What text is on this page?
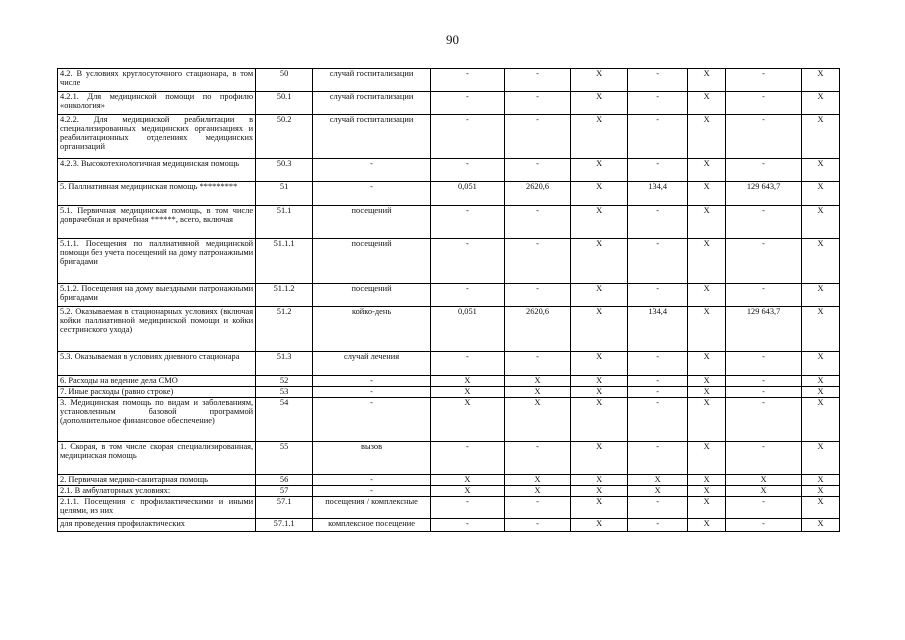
90
4.2. В условиях круглосуточного стационара, в том числе	50	случай госпитализации	-	-	X	-	X	-	X
4.2.1. Для медицинской помощи по профилю «онкология»	50.1	случай госпитализации	-	-	X	-	X	-	X
4.2.2. Для медицинской реабилитации в специализированных медицинских организациях и реабилитационных отделениях медицинских организаций	50.2	случай госпитализации	-	-	X	-	X	-	X
4.2.3. Высокотехнологичная медицинская помощь	50.3	-	-	-	X	-	X	-	X
5. Паллиативная медицинская помощь *********	51	-	0,051	2620,6	X	134,4	X	129 643,7	X
5.1. Первичная медицинская помощь, в том числе доврачебная и врачебная ******, всего, включая	51.1	посещений	-	-	X	-	X	-	X
5.1.1. Посещения по паллиативной медицинской помощи без учета посещений на дому патронажными бригадами	51.1.1	посещений	-	-	X	-	X	-	X
5.1.2. Посещения на дому выездными патронажными бригадами	51.1.2	посещений	-	-	X	-	X	-	X
5.2. Оказываемая в стационарных условиях (включая койки паллиативной медицинской помощи и койки сестринского ухода)	51.2	койко-день	0,051	2620,6	X	134,4	X	129 643,7	X
5.3. Оказываемая в условиях дневного стационара	51.3	случай лечения	-	-	X	-	X	-	X
6. Расходы на ведение дела СМО	52	-	X	X	X	-	X	-	X
7. Иные расходы (равно строке)	53	-	X	X	X	-	X	-	X
3. Медицинская помощь по видам и заболеваниям, установленным базовой программой (дополнительное финансовое обеспечение)	54	-	X	X	X	-	X	-	X
1. Скорая, в том числе скорая специализированная, медицинская помощь	55	вызов	-	-	X	-	X	-	X
2. Первичная медико-санитарная помощь	56	-	X	X	X	X	X	X	X
2.1. В амбулаторных условиях:	57	-	X	X	X	X	X	X	X
2.1.1. Посещения с профилактическими и иными целями, из них	57.1	посещения / комплексные	-	-	X	-	X	-	X
для проведения профилактических	57.1.1	комплексное посещение	-	-	X	-	X	-	X
